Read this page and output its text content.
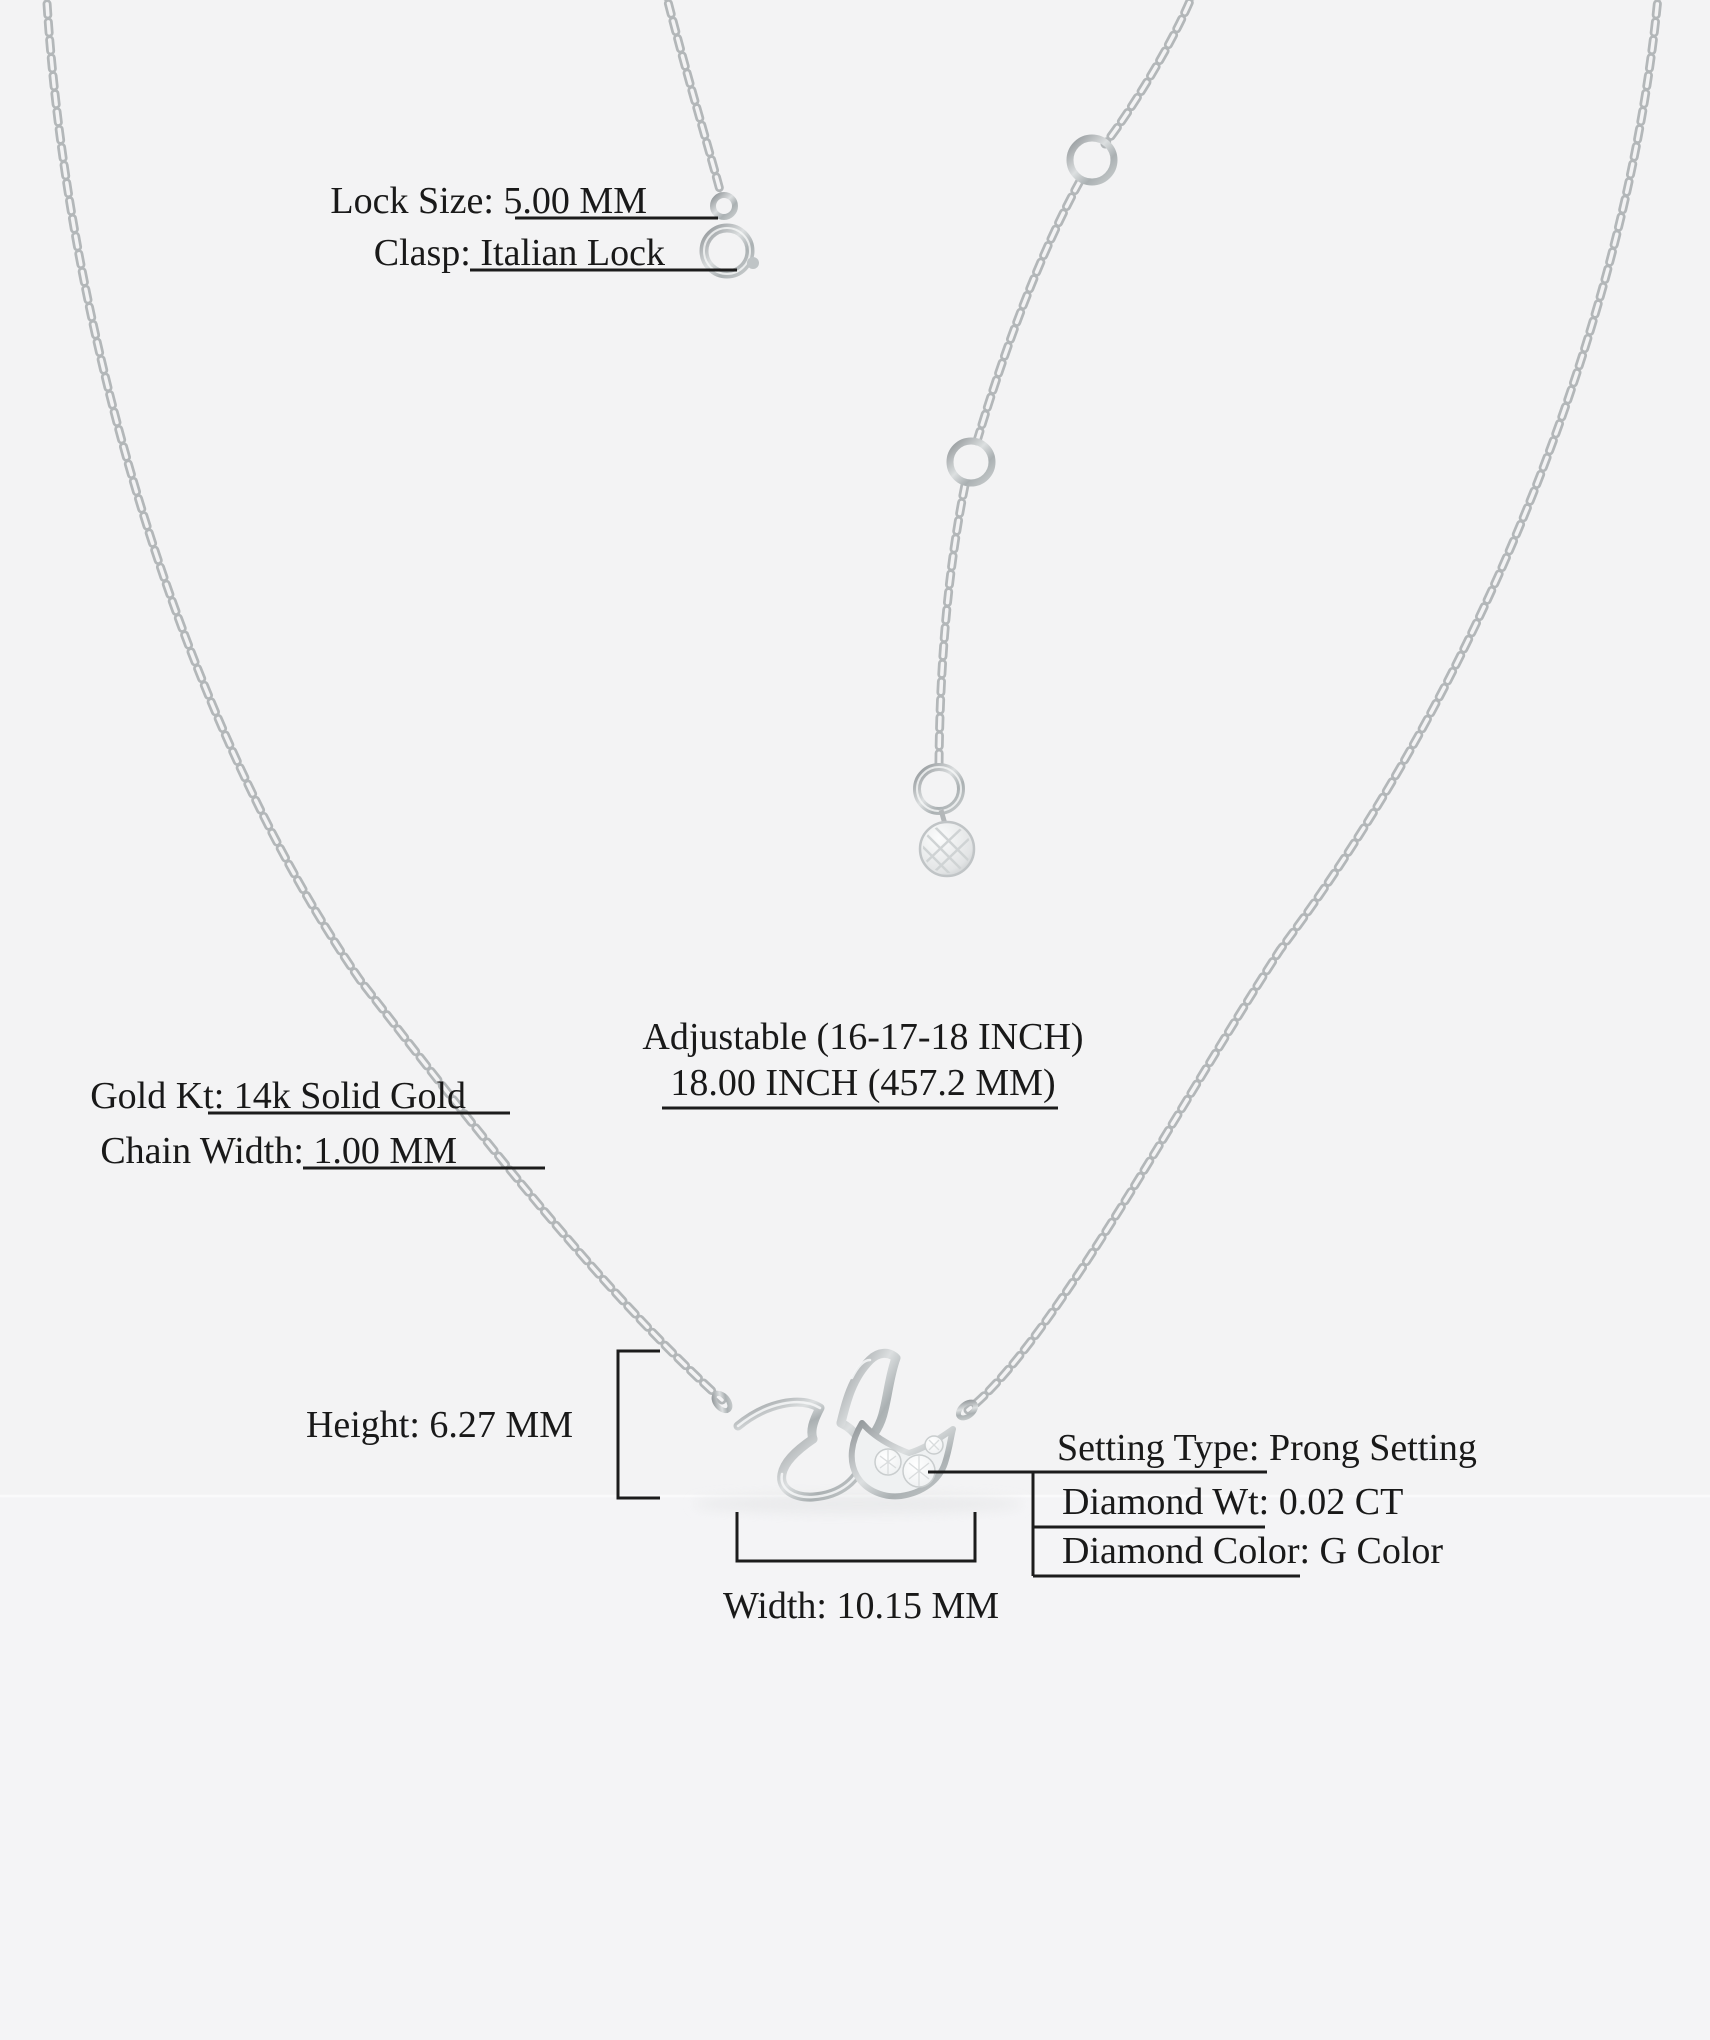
Lock Size: 5.00 MM
Clasp: Italian Lock
Adjustable (16-17-18 INCH)
18.00 INCH (457.2 MM)
Gold Kt: 14k Solid Gold
Chain Width: 1.00 MM
Height: 6.27 MM
Width: 10.15 MM
Setting Type: Prong Setting
Diamond Wt: 0.02 CT
Diamond Color: G Color
